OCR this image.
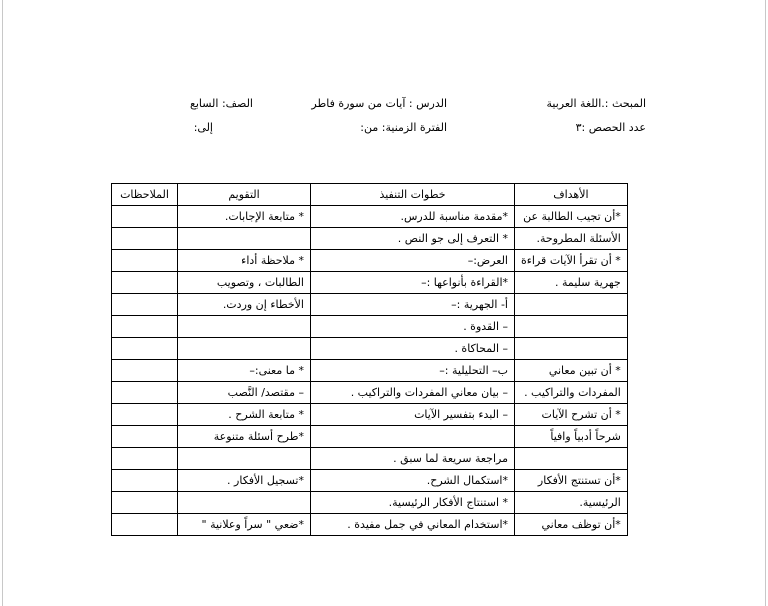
المبحث :.اللغة العربية
الدرس : آيات من سورة فاطر
الصف: السابع
عدد الحصص :٣
الفترة الزمنية: من:
إلى:
الأهداف	خطوات التنفيذ	التقويم	الملاحظات
*أن تجيب الطالبة عن	*مقدمة مناسبة للدرس.	* متابعة الإجابات.	
الأسئلة المطروحة.	* التعرف إلى جو النص .		
* أن تقرأ الآيات قراءة	العرض:–	* ملاحظة أداء	
جهرية سليمة .	*القراءة بأنواعها :–	الطالبات ، وتصويب	
	أ- الجهرية :–	الأخطاء إن وردت.	
	– القدوة .		
	– المحاكاة .		
* أن تبين معاني	ب– التحليلية :–	* ما معنى:–	
المفردات والتراكيب .	– بيان معاني المفردات والتراكيب .	– مقتصد/ النَّصب	
* أن تشرح الآيات	– البدء بتفسير الآيات	* متابعة الشرح .	
شرحاً أدبياً وافياً		*طرح أسئلة متنوعة	
	مراجعة سريعة لما سبق .		
*أن تستنتج الأفكار	*استكمال الشرح.	*تسجيل الأفكار .	
الرئيسية.	* استنتاج الأفكار الرئيسية.		
*أن توظف معاني	*استخدام المعاني في جمل مفيدة .	*ضعي " سراً وعلانية "	
